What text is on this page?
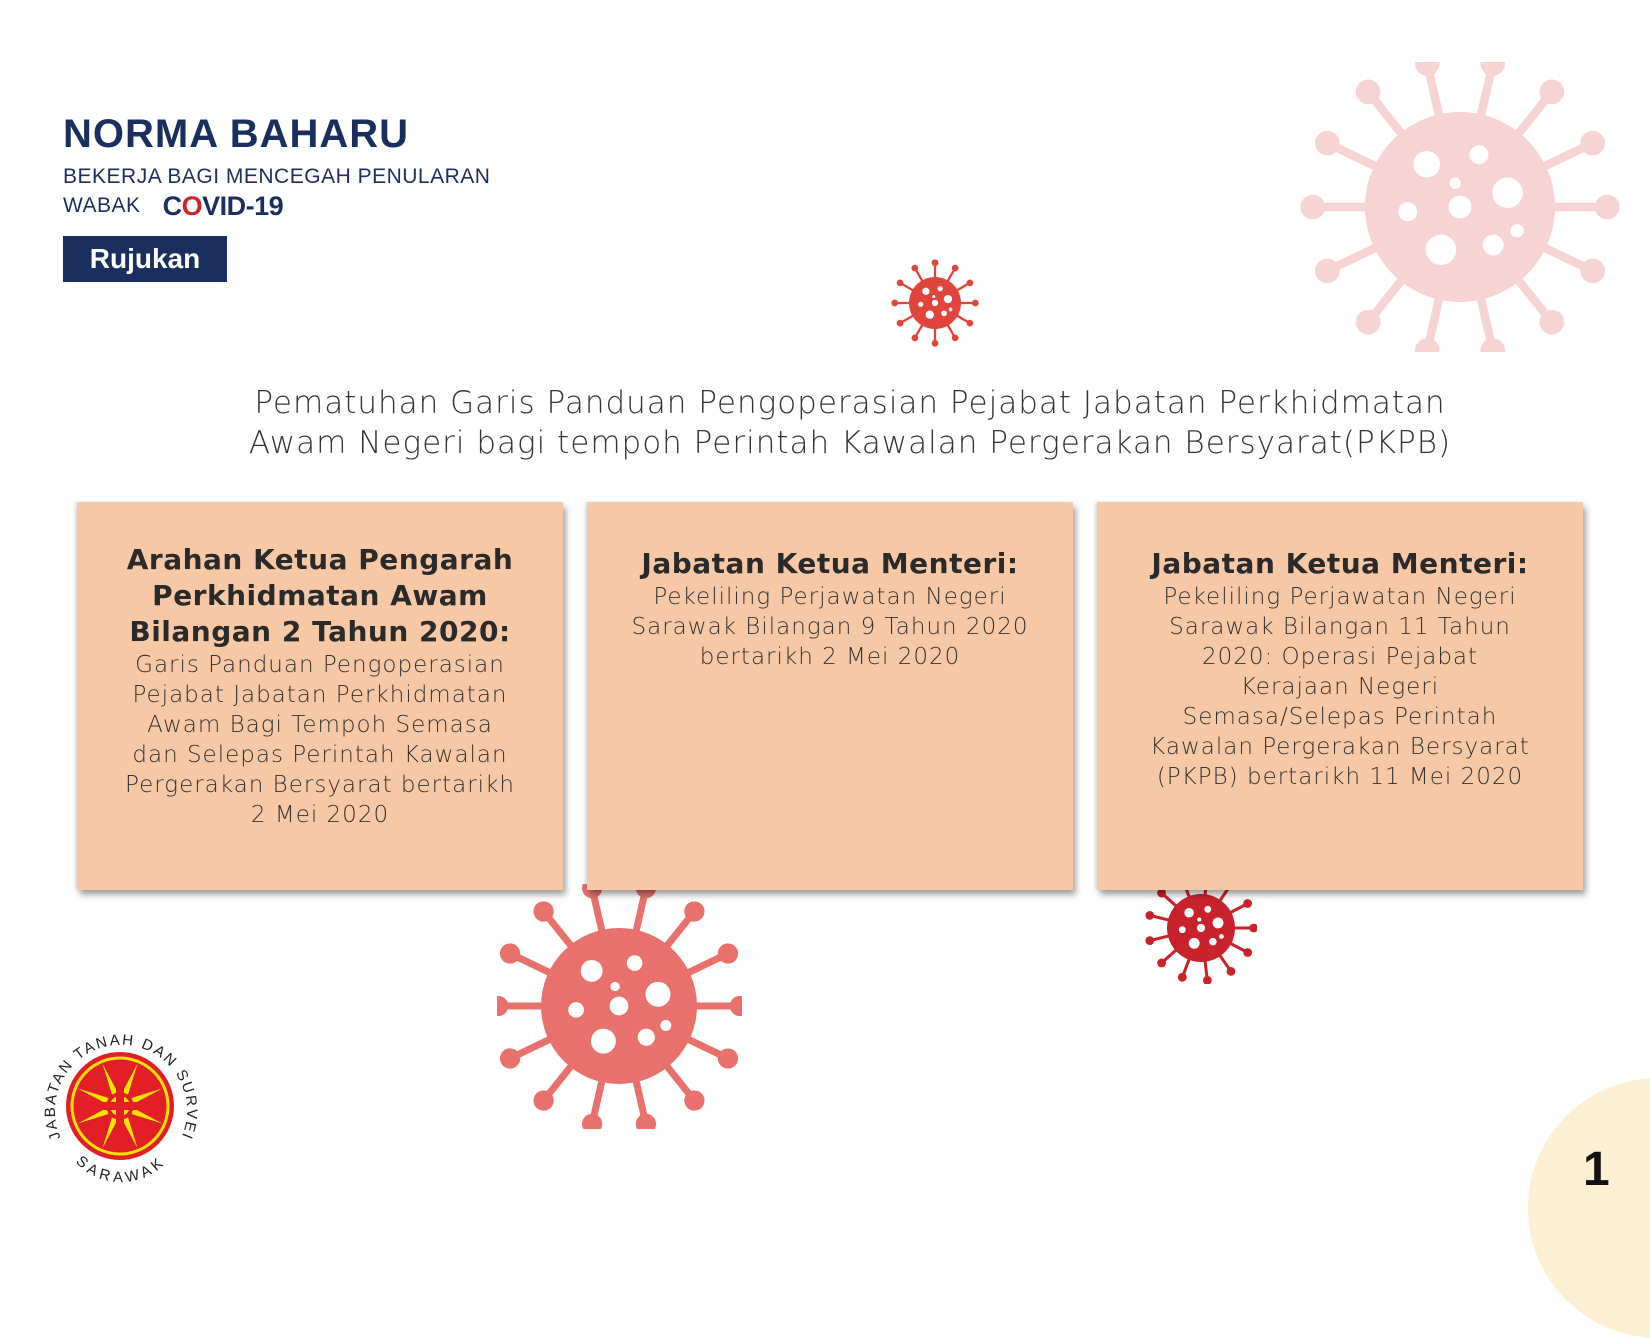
NORMA BAHARU
BEKERJA BAGI MENCEGAH PENULARAN
WABAK COVID-19
Rujukan
Pematuhan Garis Panduan Pengoperasian Pejabat Jabatan Perkhidmatan
Awam Negeri bagi tempoh Perintah Kawalan Pergerakan Bersyarat(PKPB)
Arahan Ketua Pengarah
Perkhidmatan Awam
Bilangan 2 Tahun 2020:
Garis Panduan Pengoperasian
Pejabat Jabatan Perkhidmatan
Awam Bagi Tempoh Semasa
dan Selepas Perintah Kawalan
Pergerakan Bersyarat bertarikh
2 Mei 2020
Jabatan Ketua Menteri:
Pekeliling Perjawatan Negeri
Sarawak Bilangan 9 Tahun 2020
bertarikh 2 Mei 2020
Jabatan Ketua Menteri:
Pekeliling Perjawatan Negeri
Sarawak Bilangan 11 Tahun
2020: Operasi Pejabat
Kerajaan Negeri
Semasa/Selepas Perintah
Kawalan Pergerakan Bersyarat
(PKPB) bertarikh 11 Mei 2020
JABATAN TANAH DAN SURVEI
SARAWAK	1
